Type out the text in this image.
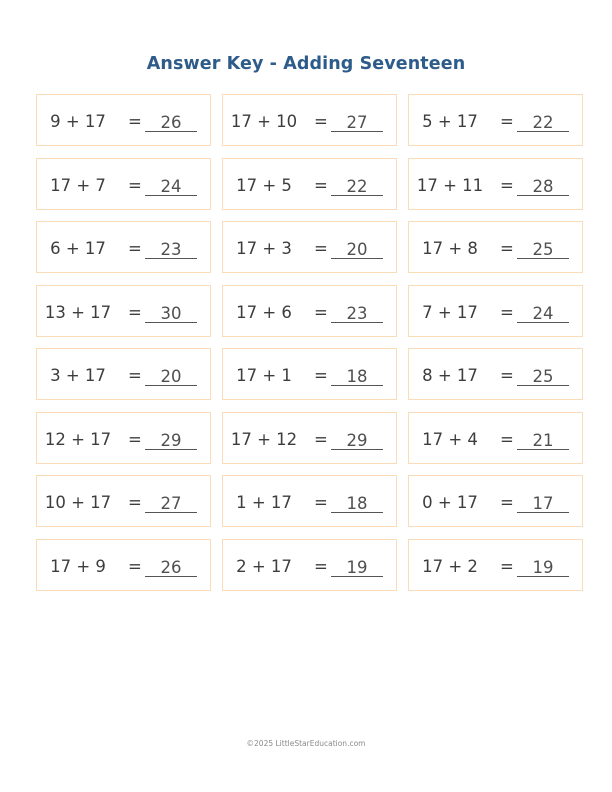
Answer Key - Adding Seventeen
9 + 17	=	26	17 + 10	=	27	5 + 17	=	22
17 + 7	=	24	17 + 5	=	22	17 + 11	=	28
6 + 17	=	23	17 + 3	=	20	17 + 8	=	25
13 + 17	=	30	17 + 6	=	23	7 + 17	=	24
3 + 17	=	20	17 + 1	=	18	8 + 17	=	25
12 + 17	=	29	17 + 12	=	29	17 + 4	=	21
10 + 17	=	27	1 + 17	=	18	0 + 17	=	17
17 + 9	=	26	2 + 17	=	19	17 + 2	=	19
©2025 LittleStarEducation.com
